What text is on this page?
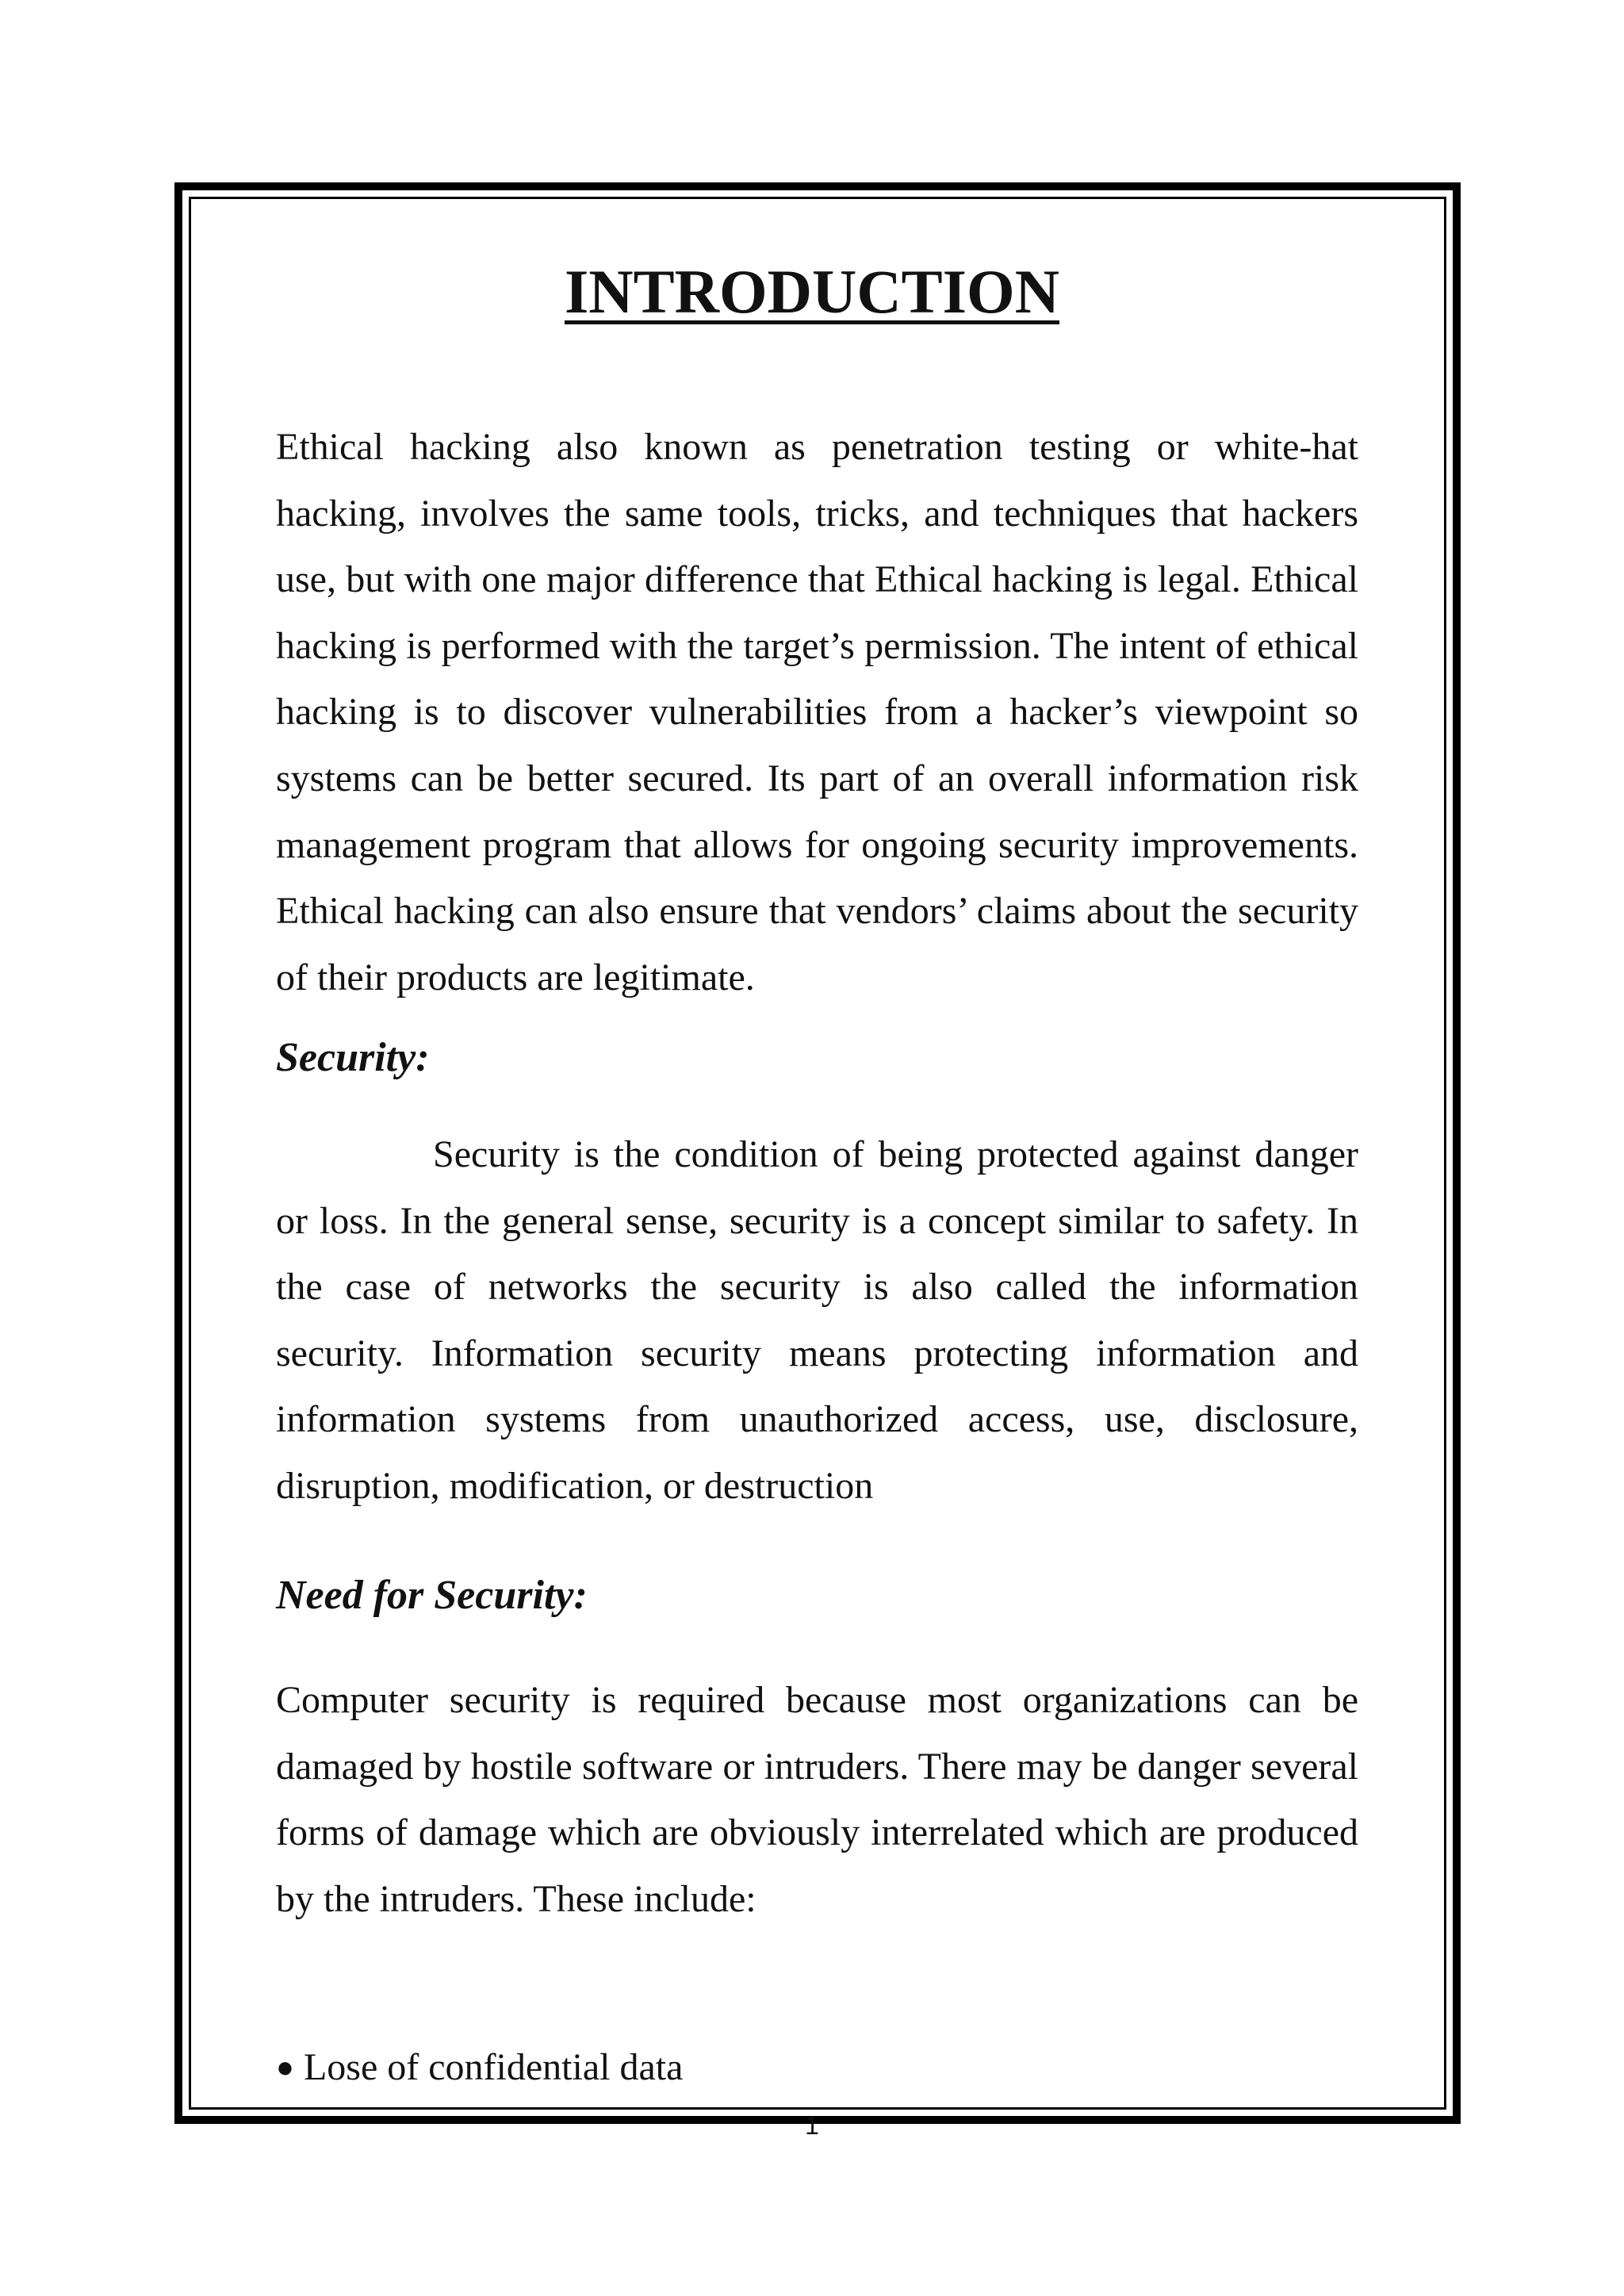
INTRODUCTION

Ethical hacking also known as penetration testing or white-hat hacking, involves the same tools, tricks, and techniques that hackers use, but with one major difference that Ethical hacking is legal. Ethical hacking is performed with the target’s permission. The intent of ethical hacking is to discover vulnerabilities from a hacker’s viewpoint so systems can be better secured. Its part of an overall information risk management program that allows for ongoing security improvements. Ethical hacking can also ensure that vendors’ claims about the security of their products are legitimate.

Security:

Security is the condition of being protected against danger or loss. In the general sense, security is a concept similar to safety. In the case of networks the security is also called the information security. Information security means protecting information and information systems from unauthorized access, use, disclosure, disruption, modification, or destruction

Need for Security:

Computer security is required because most organizations can be damaged by hostile software or intruders. There may be danger several forms of damage which are obviously interrelated which are produced by the intruders. These include:

● Lose of confidential data

1
